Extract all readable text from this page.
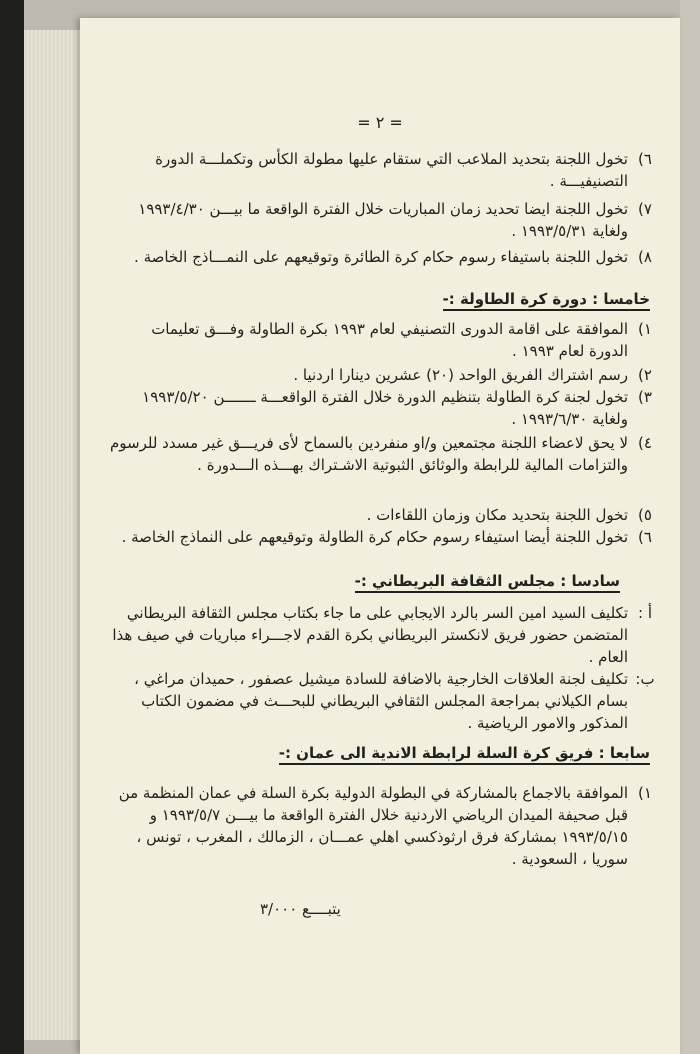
= ٢ =
٦)
تخول اللجنة بتحديد الملاعب التي ستقام عليها مطولة الكأس وتكملـــة الدورة التصنيفيـــة .
٧)
تخول اللجنة ايضا تحديد زمان المباريات خلال الفترة الواقعة ما بيـــن ١٩٩٣/٤/٣٠ ولغاية ١٩٩٣/٥/٣١ .
٨)
تخول اللجنة باستيفاء رسوم حكام كرة الطائرة وتوقيعهم على النمـــاذج الخاصة .
خامسا : دورة كرة الطاولة :-
١)
الموافقة على اقامة الدورى التصنيفي لعام ١٩٩٣ بكرة الطاولة وفـــق تعليمات الدورة لعام ١٩٩٣ .
٢)
رسم اشتراك الفريق الواحد (٢٠) عشرين دينارا اردنيا .
٣)
تخول لجنة كرة الطاولة بتنظيم الدورة خلال الفترة الواقعـــة ـــــــن ١٩٩٣/٥/٢٠ ولغاية ١٩٩٣/٦/٣٠ .
٤)
لا يحق لاعضاء اللجنة مجتمعين و/او منفردين بالسماح لأى فريـــق غير مسدد للرسوم والتزامات المالية للرابطة والوثائق الثبوتية الاشـتراك بهـــذه الـــدورة .
٥)
تخول اللجنة بتحديد مكان وزمان اللقاءات .
٦)
تخول اللجنة أيضا استيفاء رسوم حكام كرة الطاولة وتوقيعهم على النماذج الخاصة .
سادسا : مجلس الثقافة البريطاني :-
أ :
تكليف السيد امين السر بالرد الايجابي على ما جاء بكتاب مجلس الثقافة البريطاني المتضمن حضور فريق لانكستر البريطاني بكرة القدم لاجـــراء مباريات في صيف هذا العام .
ب:
تكليف لجنة العلاقات الخارجية بالاضافة للسادة ميشيل عصفور ، حميدان مراغي ، بسام الكيلاني بمراجعة المجلس الثقافي البريطاني للبحـــث في مضمون الكتاب المذكور والامور الرياضية .
سابعا : فريق كرة السلة لرابطة الاندية الى عمان :-
١)
الموافقة بالاجماع بالمشاركة في البطولة الدولية بكرة السلة في عمان المنظمة من قبل صحيفة الميدان الرياضي الاردنية خلال الفترة الواقعة ما بيـــن ١٩٩٣/٥/٧ و ١٩٩٣/٥/١٥ بمشاركة فرق ارثوذكسي اهلي عمـــان ، الزمالك ، المغرب ، تونس ، سوريا ، السعودية .
يتبــــع ٣/٠٠٠
